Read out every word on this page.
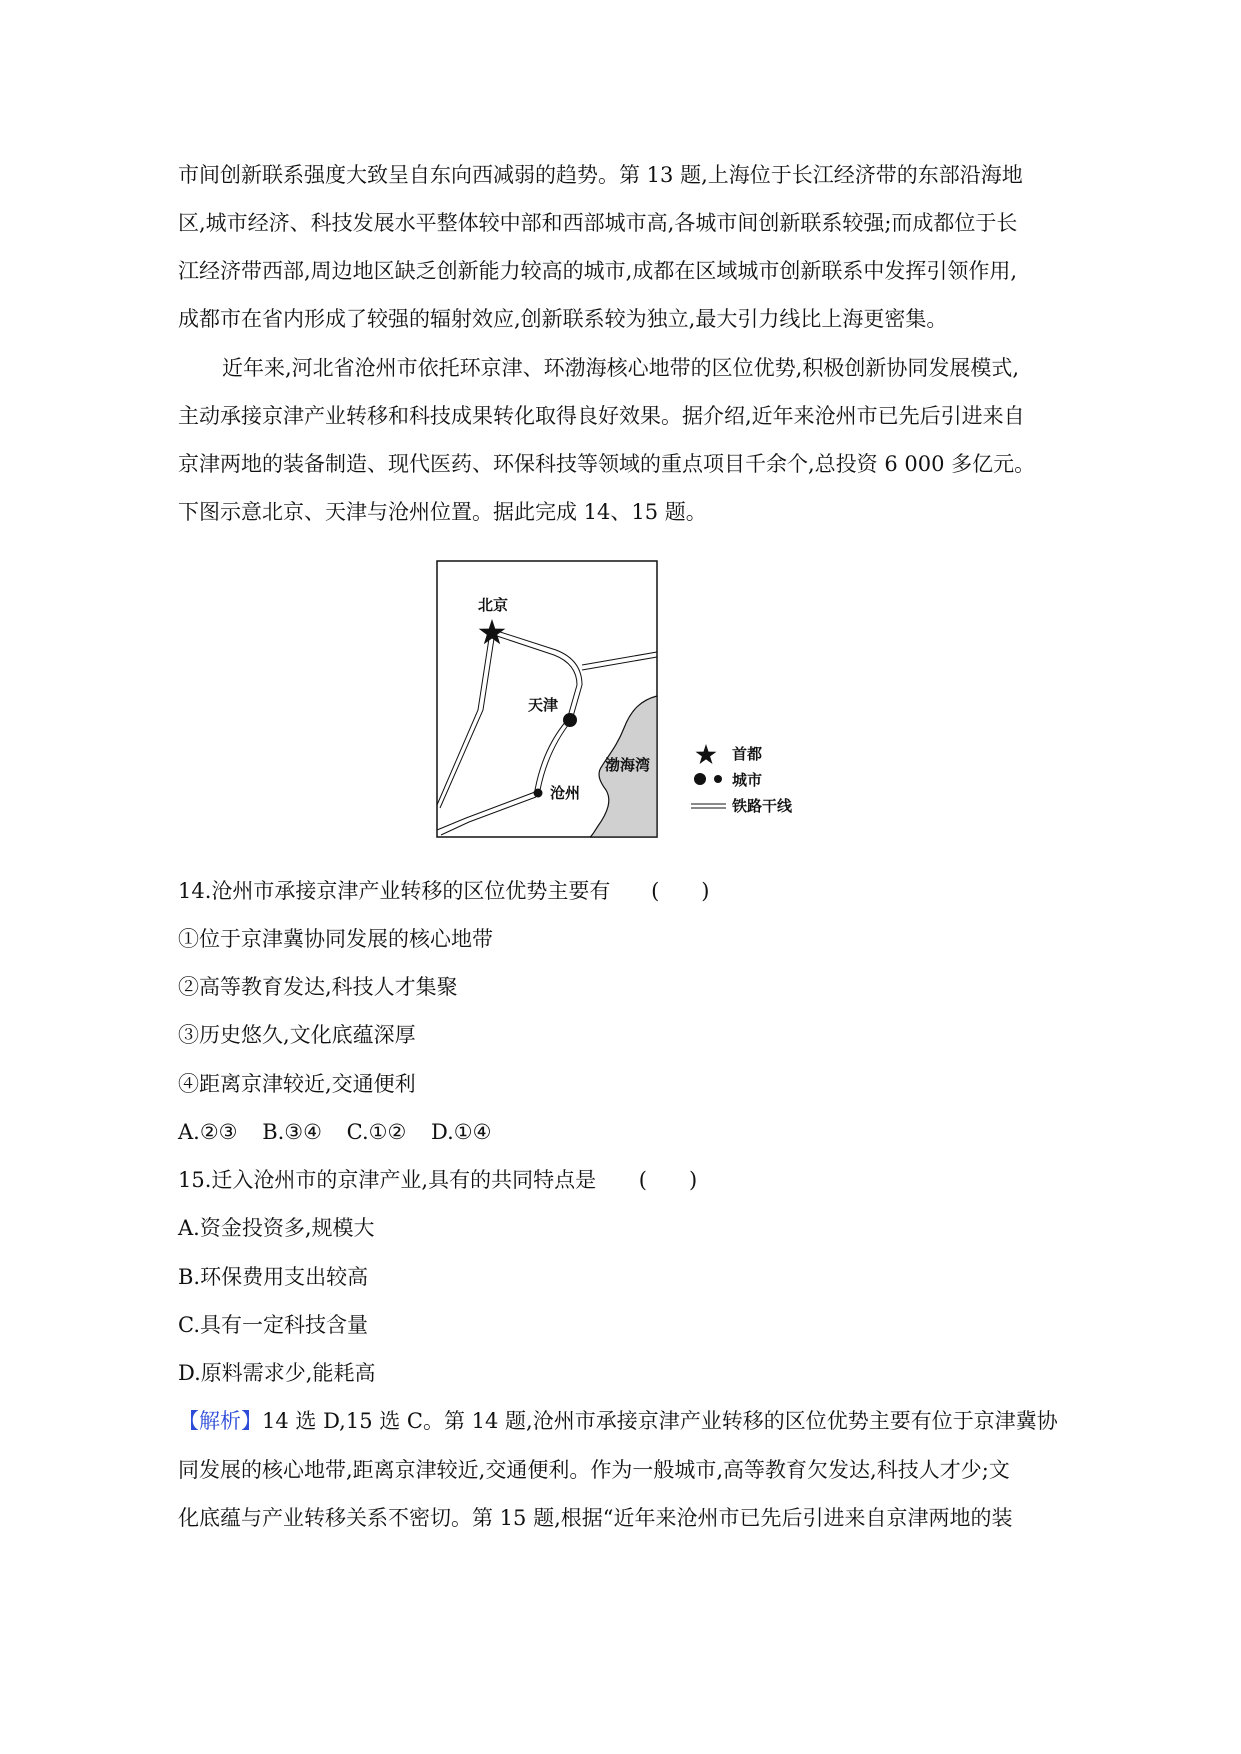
市间创新联系强度大致呈自东向西减弱的趋势。第 13 题,上海位于长江经济带的东部沿海地
区,城市经济、科技发展水平整体较中部和西部城市高,各城市间创新联系较强;而成都位于长
江经济带西部,周边地区缺乏创新能力较高的城市,成都在区域城市创新联系中发挥引领作用,
成都市在省内形成了较强的辐射效应,创新联系较为独立,最大引力线比上海更密集。
近年来,河北省沧州市依托环京津、环渤海核心地带的区位优势,积极创新协同发展模式,
主动承接京津产业转移和科技成果转化取得良好效果。据介绍,近年来沧州市已先后引进来自
京津两地的装备制造、现代医药、环保科技等领域的重点项目千余个,总投资 6 000 多亿元。
下图示意北京、天津与沧州位置。据此完成 14、15 题。
北京
天津
沧州
渤海湾
首都
城市
铁路干线
14.沧州市承接京津产业转移的区位优势主要有 (　　)
①位于京津冀协同发展的核心地带
②高等教育发达,科技人才集聚
③历史悠久,文化底蕴深厚
④距离京津较近,交通便利
A.②③ B.③④ C.①② D.①④
15.迁入沧州市的京津产业,具有的共同特点是 (　　)
A.资金投资多,规模大
B.环保费用支出较高
C.具有一定科技含量
D.原料需求少,能耗高
【解析】14 选 D,15 选 C。第 14 题,沧州市承接京津产业转移的区位优势主要有位于京津冀协
同发展的核心地带,距离京津较近,交通便利。作为一般城市,高等教育欠发达,科技人才少;文
化底蕴与产业转移关系不密切。第 15 题,根据“近年来沧州市已先后引进来自京津两地的装
